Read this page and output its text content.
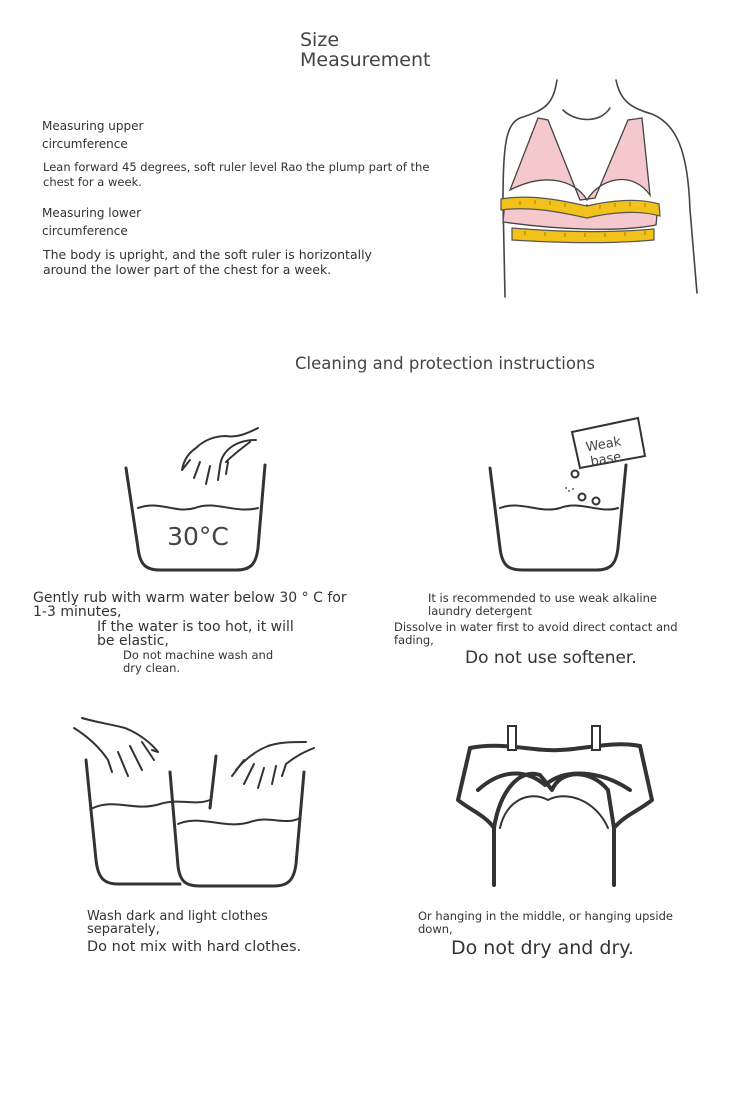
Size
Measurement
Measuring upper
circumference
Lean forward 45 degrees, soft ruler level Rao the plump part of the
chest for a week.
Measuring lower
circumference
The body is upright, and the soft ruler is horizontally
around the lower part of the chest for a week.
Cleaning and protection instructions
30°C
Weak
base
Gently rub with warm water below 30 ° C for
1-3 minutes,
If the water is too hot, it will
be elastic,
Do not machine wash and
dry clean.
It is recommended to use weak alkaline
laundry detergent
Dissolve in water first to avoid direct contact and
fading,
Do not use softener.
Wash dark and light clothes
separately,
Do not mix with hard clothes.
Or hanging in the middle, or hanging upside
down,
Do not dry and dry.
